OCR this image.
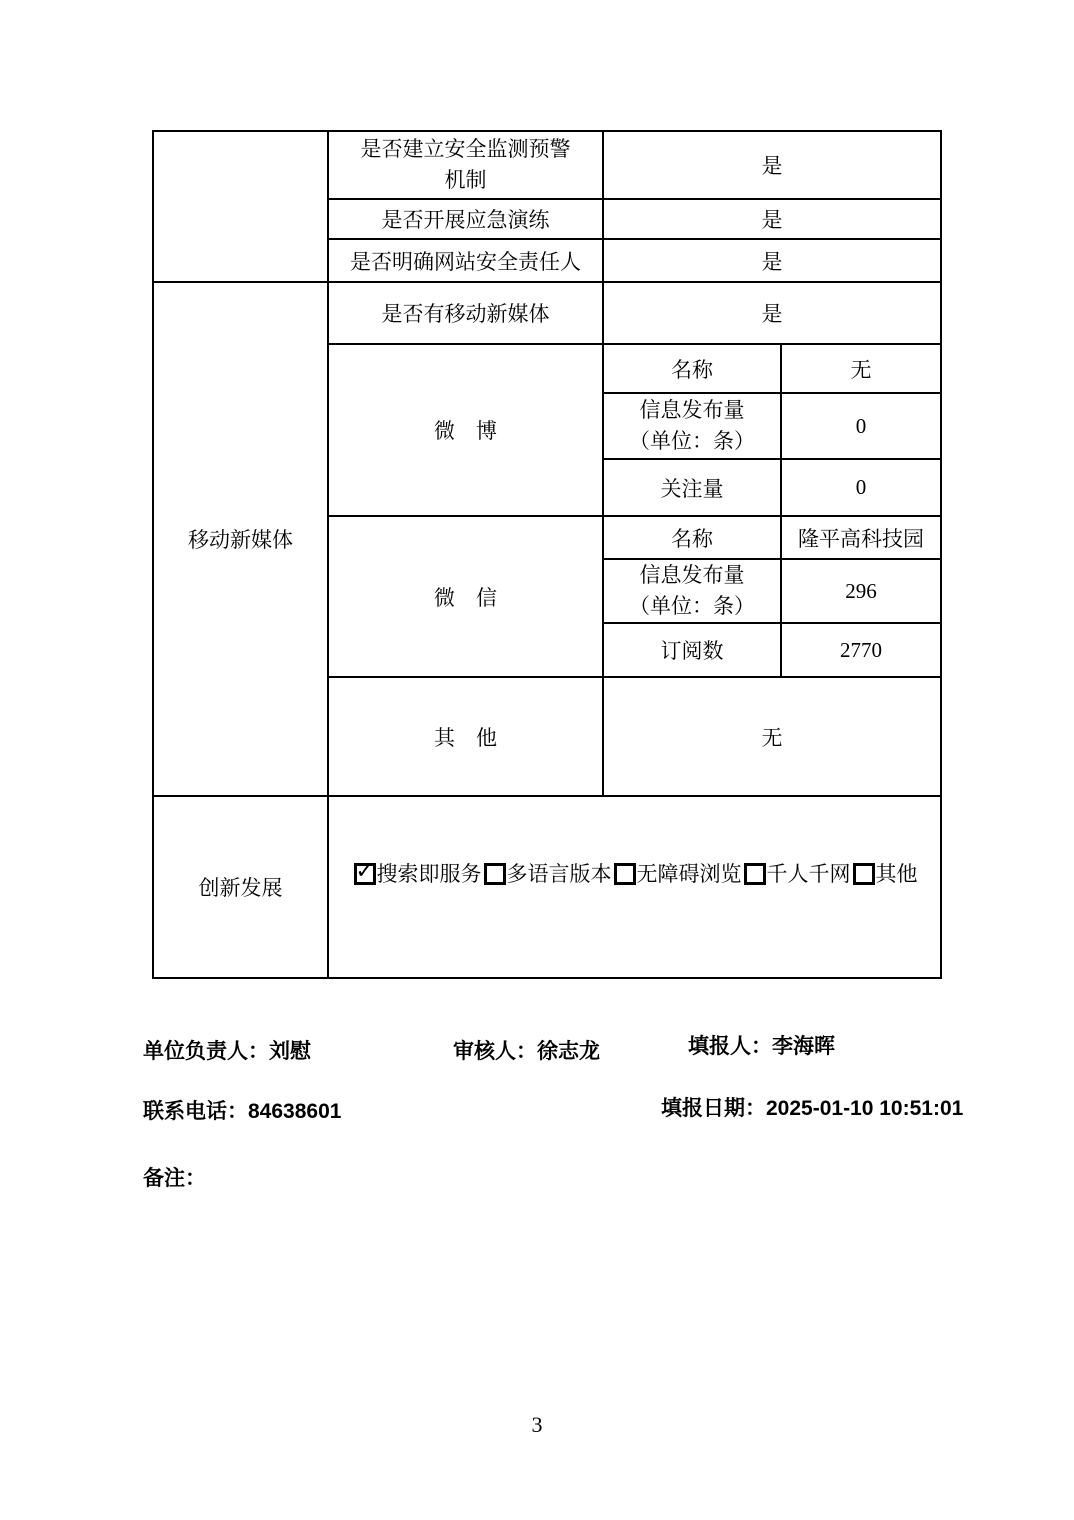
	是否建立安全监测预警
机制	是	
	是否开展应急演练	是	
	是否明确网站安全责任人	是	
移动新媒体	是否有移动新媒体	是	
	微　博	名称	无

		信息发布量
（单位：条）	0
		关注量	0
	微　信	名称	隆平高科技园

		信息发布量
（单位：条）	296
		订阅数	2770
	其　他	无	
创新发展	✓ 搜索即服务 多语言版本 无障碍浏览 千人千网 其他		
单位负责人：刘慰	审核人：徐志龙	填报人：李海晖
联系电话：84638601	填报日期：2025-01-10 10:51:01
备注：
3
